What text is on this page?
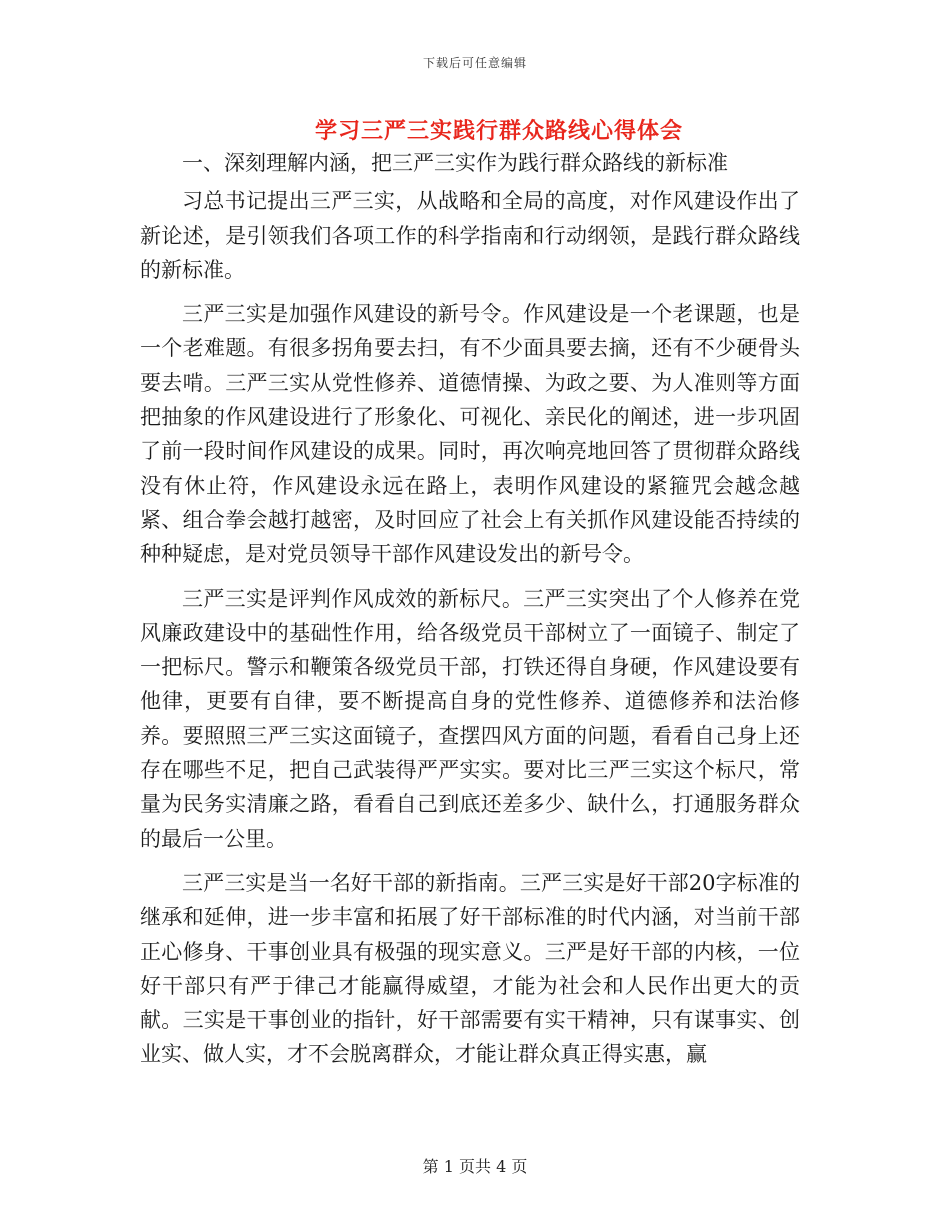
下载后可任意编辑
学习三严三实践行群众路线心得体会

一、深刻理解内涵，把三严三实作为践行群众路线的新标准

习总书记提出三严三实，从战略和全局的高度，对作风建设作出了新论述，是引领我们各项工作的科学指南和行动纲领，是践行群众路线的新标准。

三严三实是加强作风建设的新号令。作风建设是一个老课题，也是一个老难题。有很多拐角要去扫，有不少面具要去摘，还有不少硬骨头要去啃。三严三实从党性修养、道德情操、为政之要、为人准则等方面把抽象的作风建设进行了形象化、可视化、亲民化的阐述，进一步巩固了前一段时间作风建设的成果。同时，再次响亮地回答了贯彻群众路线没有休止符，作风建设永远在路上，表明作风建设的紧箍咒会越念越紧、组合拳会越打越密，及时回应了社会上有关抓作风建设能否持续的种种疑虑，是对党员领导干部作风建设发出的新号令。

三严三实是评判作风成效的新标尺。三严三实突出了个人修养在党风廉政建设中的基础性作用，给各级党员干部树立了一面镜子、制定了一把标尺。警示和鞭策各级党员干部，打铁还得自身硬，作风建设要有他律，更要有自律，要不断提高自身的党性修养、道德修养和法治修养。要照照三严三实这面镜子，查摆四风方面的问题，看看自己身上还存在哪些不足，把自己武装得严严实实。要对比三严三实这个标尺，常量为民务实清廉之路，看看自己到底还差多少、缺什么，打通服务群众的最后一公里。

三严三实是当一名好干部的新指南。三严三实是好干部20字标准的继承和延伸，进一步丰富和拓展了好干部标准的时代内涵，对当前干部正心修身、干事创业具有极强的现实意义。三严是好干部的内核，一位好干部只有严于律己才能赢得威望，才能为社会和人民作出更大的贡献。三实是干事创业的指针，好干部需要有实干精神，只有谋事实、创业实、做人实，才不会脱离群众，才能让群众真正得实惠，赢

第 1 页共 4 页
